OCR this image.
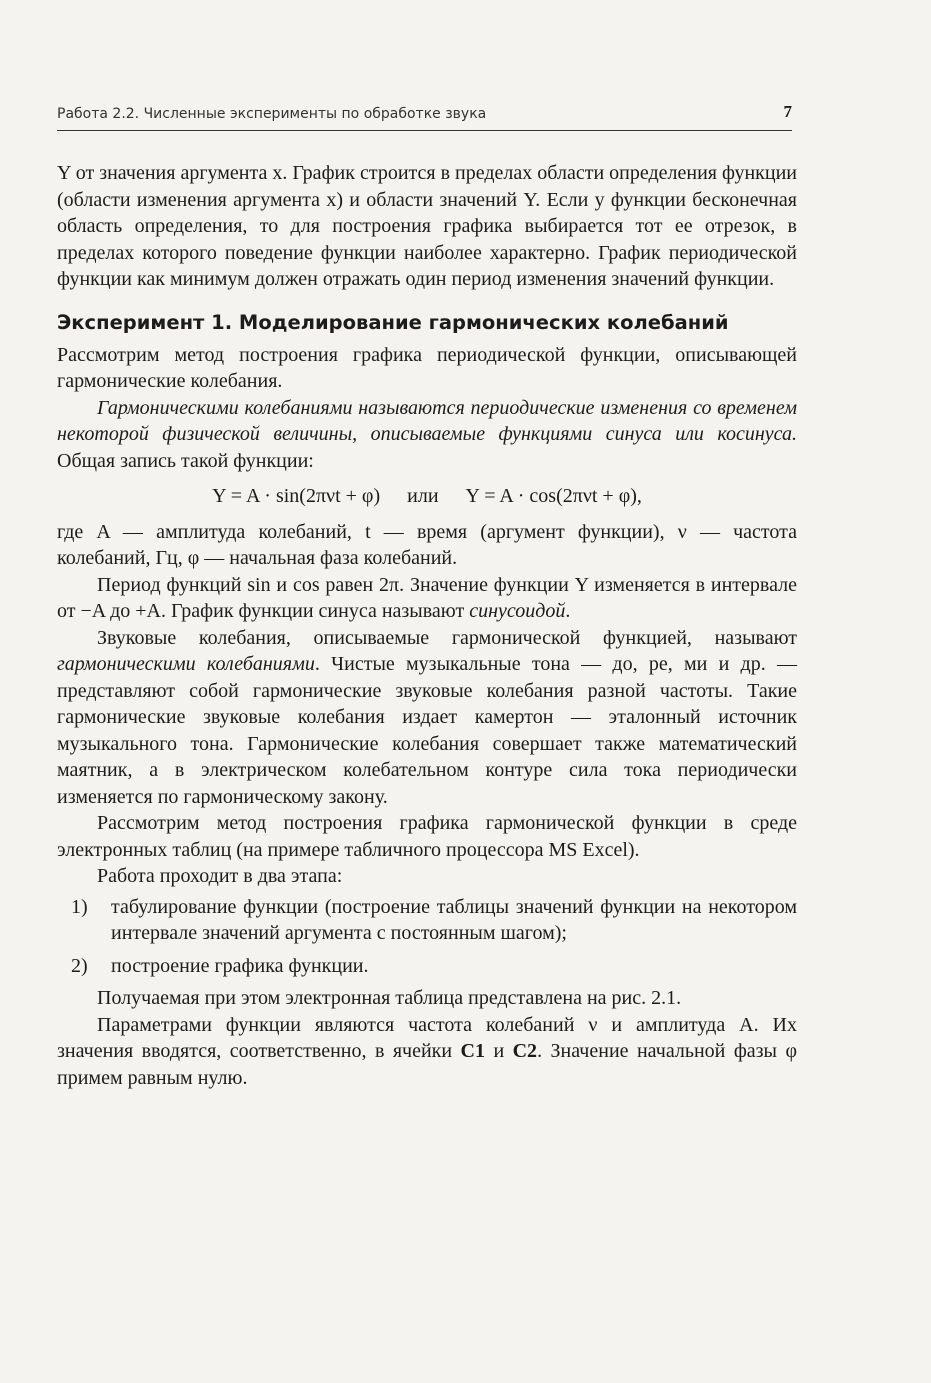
Работа 2.2. Численные эксперименты по обработке звука	7

Y от значения аргумента x. График строится в пределах области определения функции (области изменения аргумента x) и области значений Y. Если у функции бесконечная область определения, то для построения графика выбирается тот ее отрезок, в пределах которого поведение функции наиболее характерно. График периодической функции как минимум должен отражать один период изменения значений функции.

Эксперимент 1. Моделирование гармонических колебаний

Рассмотрим метод построения графика периодической функции, описывающей гармонические колебания.

Гармоническими колебаниями называются периодические изменения со временем некоторой физической величины, описываемые функциями синуса или косинуса. Общая запись такой функции:

Y = A · sin(2πνt + φ) или Y = A · cos(2πνt + φ),

где A — амплитуда колебаний, t — время (аргумент функции), ν — частота колебаний, Гц, φ — начальная фаза колебаний.

Период функций sin и cos равен 2π. Значение функции Y изменяется в интервале от −A до +A. График функции синуса называют синусоидой.

Звуковые колебания, описываемые гармонической функцией, называют гармоническими колебаниями. Чистые музыкальные тона — до, ре, ми и др. — представляют собой гармонические звуковые колебания разной частоты. Такие гармонические звуковые колебания издает камертон — эталонный источник музыкального тона. Гармонические колебания совершает также математический маятник, а в электрическом колебательном контуре сила тока периодически изменяется по гармоническому закону.

Рассмотрим метод построения графика гармонической функции в среде электронных таблиц (на примере табличного процессора MS Excel).

Работа проходит в два этапа:

1) табулирование функции (построение таблицы значений функции на некотором интервале значений аргумента с постоянным шагом);
2) построение графика функции.

Получаемая при этом электронная таблица представлена на рис. 2.1.

Параметрами функции являются частота колебаний ν и амплитуда A. Их значения вводятся, соответственно, в ячейки C1 и C2. Значение начальной фазы φ примем равным нулю.
